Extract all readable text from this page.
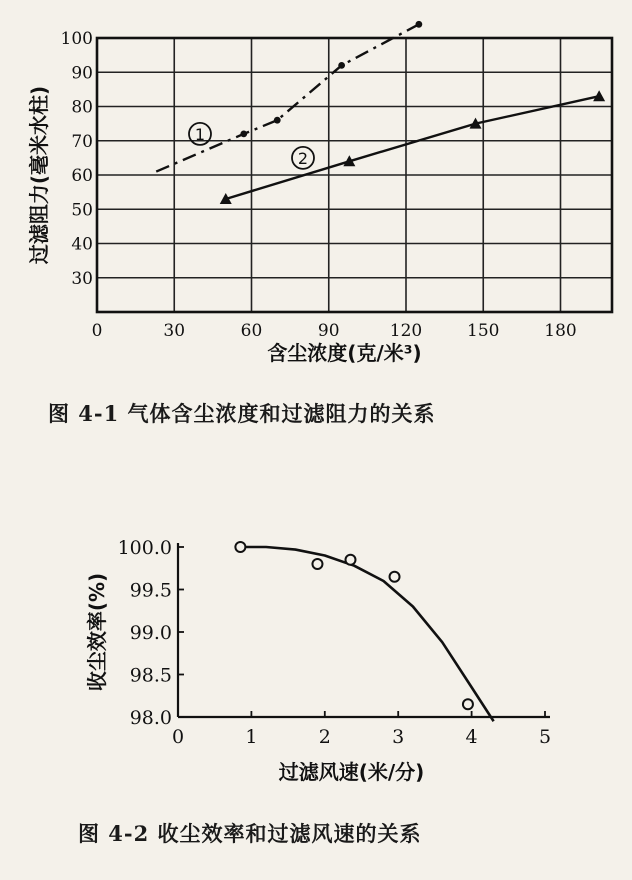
0	30	60	90	120	150	180
30
40
50
60
70
80
90
100
含尘浓度(克/米³)
过滤阻力(毫米水柱)	1
2
图 4-1 气体含尘浓度和过滤阻力的关系
0	1	2	3	4	5
98.0
98.5
99.0
99.5
100.0
过滤风速(米/分)
收尘效率(%)
图 4-2 收尘效率和过滤风速的关系
